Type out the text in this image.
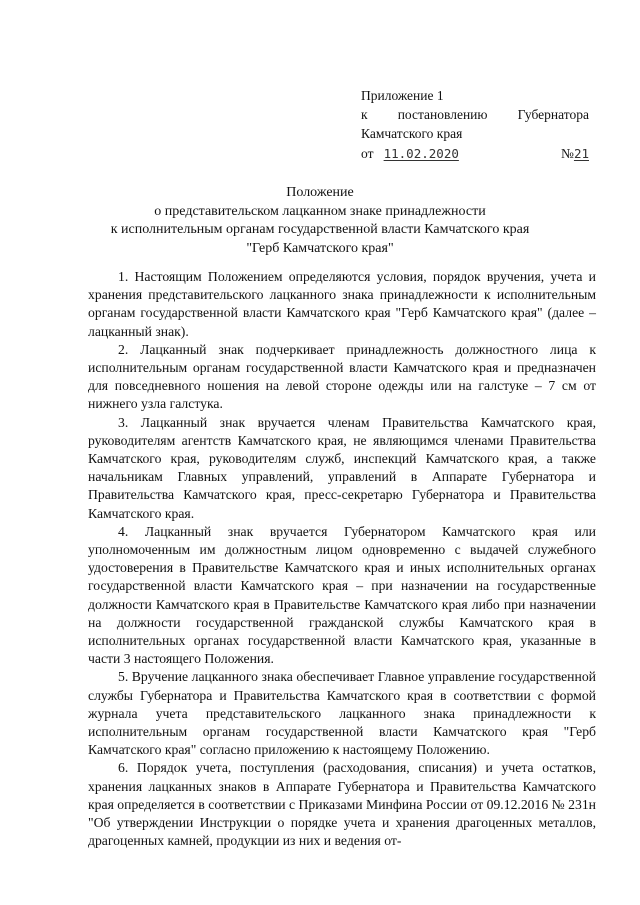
Приложение 1
к постановлению Губернатора
Камчатского края
от 11.02.2020	№21
Положение
о представительском лацканном знаке принадлежности
к исполнительным органам государственной власти Камчатского края
"Герб Камчатского края"

1. Настоящим Положением определяются условия, порядок вручения, учета и хранения представительского лацканного знака принадлежности к исполнительным органам государственной власти Камчатского края "Герб Камчатского края" (далее – лацканный знак).

2. Лацканный знак подчеркивает принадлежность должностного лица к исполнительным органам государственной власти Камчатского края и предназначен для повседневного ношения на левой стороне одежды или на галстуке – 7 см от нижнего узла галстука.

3. Лацканный знак вручается членам Правительства Камчатского края, руководителям агентств Камчатского края, не являющимся членами Правительства Камчатского края, руководителям служб, инспекций Камчатского края, а также начальникам Главных управлений, управлений в Аппарате Губернатора и Правительства Камчатского края, пресс-секретарю Губернатора и Правительства Камчатского края.

4. Лацканный знак вручается Губернатором Камчатского края или уполномоченным им должностным лицом одновременно с выдачей служебного удостоверения в Правительстве Камчатского края и иных исполнительных органах государственной власти Камчатского края – при назначении на государственные должности Камчатского края в Правительстве Камчатского края либо при назначении на должности государственной гражданской службы Камчатского края в исполнительных органах государственной власти Камчатского края, указанные в части 3 настоящего Положения.

5. Вручение лацканного знака обеспечивает Главное управление государственной службы Губернатора и Правительства Камчатского края в соответствии с формой журнала учета представительского лацканного знака принадлежности к исполнительным органам государственной власти Камчатского края "Герб Камчатского края" согласно приложению к настоящему Положению.

6. Порядок учета, поступления (расходования, списания) и учета остатков, хранения лацканных знаков в Аппарате Губернатора и Правительства Камчатского края определяется в соответствии с Приказами Минфина России от 09.12.2016 № 231н "Об утверждении Инструкции о порядке учета и хранения драгоценных металлов, драгоценных камней, продукции из них и ведения от-
